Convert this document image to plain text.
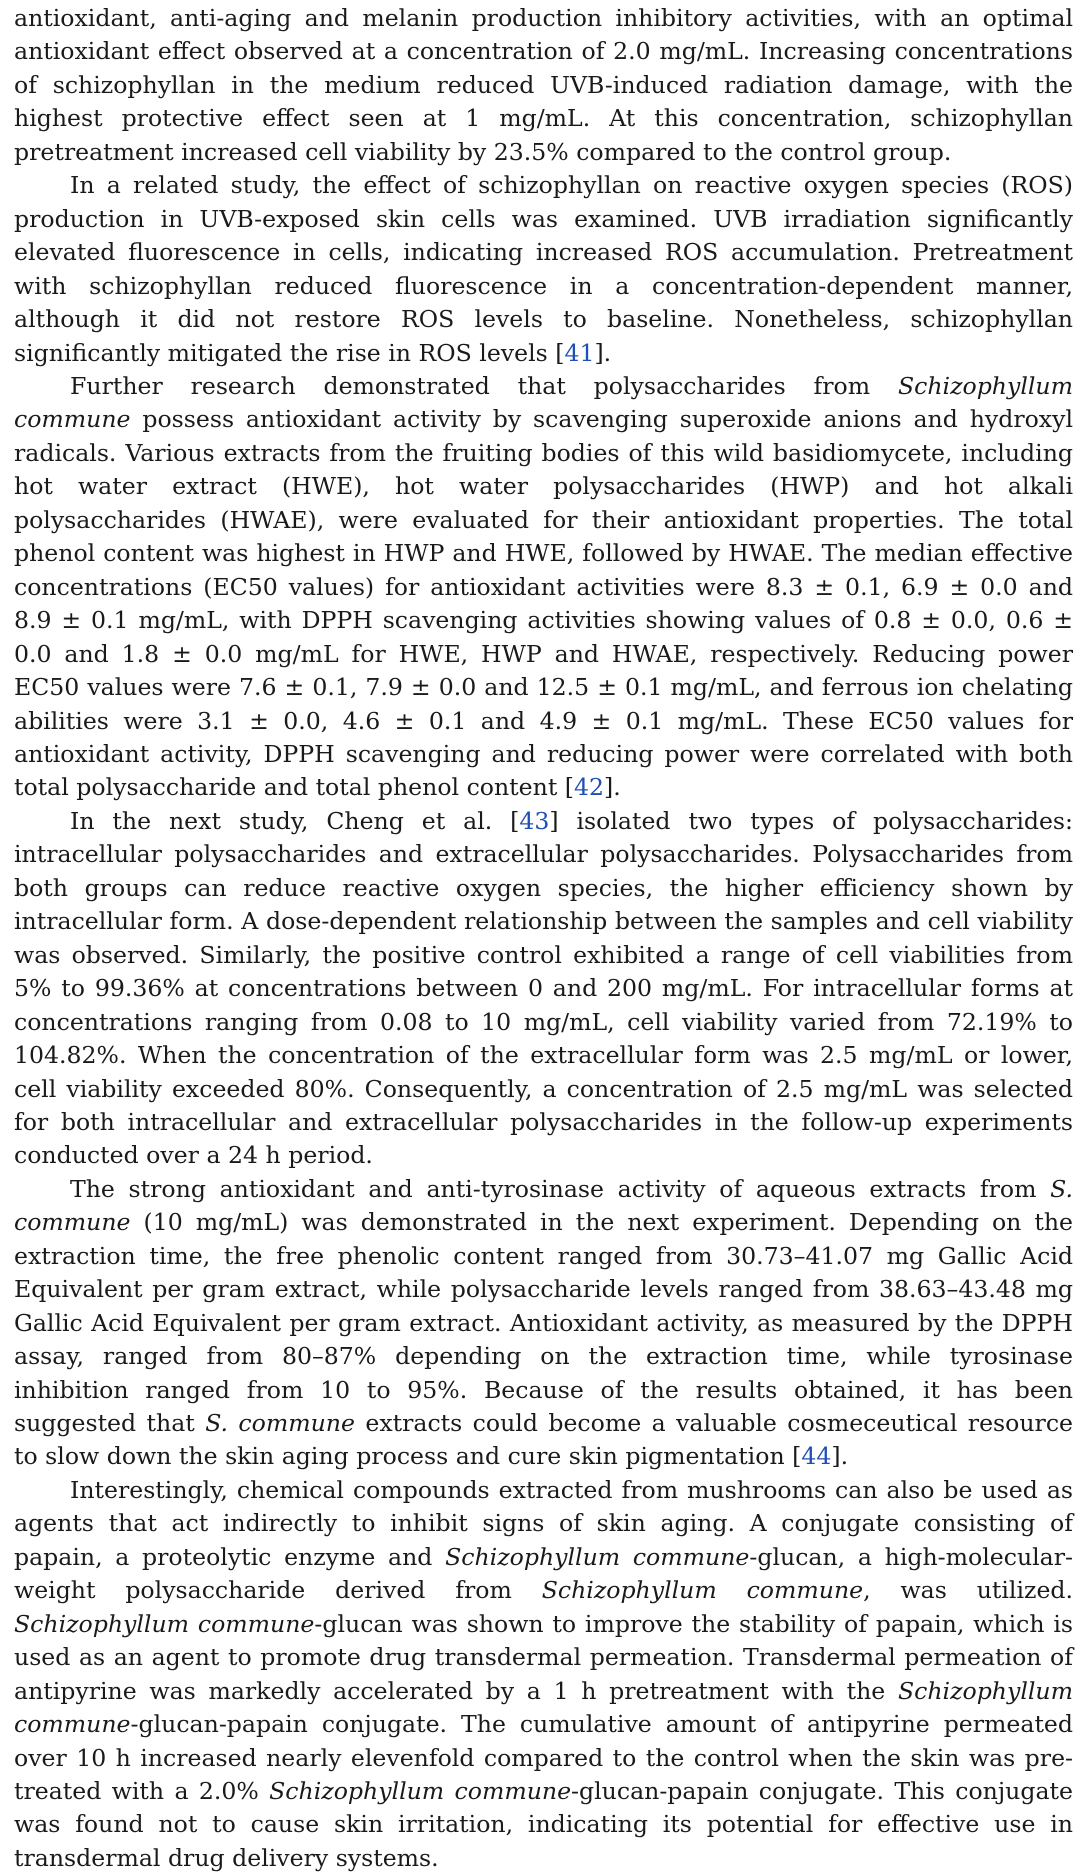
antioxidant, anti-aging and melanin production inhibitory activities, with an optimal antioxidant effect observed at a concentration of 2.0 mg/mL. Increasing concentrations of schizophyllan in the medium reduced UVB-induced radiation damage, with the highest protective effect seen at 1 mg/mL. At this concentration, schizophyllan pretreatment increased cell viability by 23.5% compared to the control group.

In a related study, the effect of schizophyllan on reactive oxygen species (ROS) production in UVB-exposed skin cells was examined. UVB irradiation significantly elevated fluorescence in cells, indicating increased ROS accumulation. Pretreatment with schizophyllan reduced fluorescence in a concentration-dependent manner, although it did not restore ROS levels to baseline. Nonetheless, schizophyllan significantly mitigated the rise in ROS levels [41].

Further research demonstrated that polysaccharides from Schizophyllum commune possess antioxidant activity by scavenging superoxide anions and hydroxyl radicals. Various extracts from the fruiting bodies of this wild basidiomycete, including hot water extract (HWE), hot water polysaccharides (HWP) and hot alkali polysaccharides (HWAE), were evaluated for their antioxidant properties. The total phenol content was highest in HWP and HWE, followed by HWAE. The median effective concentrations (EC50 values) for antioxidant activities were 8.3 ± 0.1, 6.9 ± 0.0 and 8.9 ± 0.1 mg/mL, with DPPH scavenging activities showing values of 0.8 ± 0.0, 0.6 ± 0.0 and 1.8 ± 0.0 mg/mL for HWE, HWP and HWAE, respectively. Reducing power EC50 values were 7.6 ± 0.1, 7.9 ± 0.0 and 12.5 ± 0.1 mg/mL, and ferrous ion chelating abilities were 3.1 ± 0.0, 4.6 ± 0.1 and 4.9 ± 0.1 mg/mL. These EC50 values for antioxidant activity, DPPH scavenging and reducing power were correlated with both total polysaccharide and total phenol content [42].

In the next study, Cheng et al. [43] isolated two types of polysaccharides: intracellular polysaccharides and extracellular polysaccharides. Polysaccharides from both groups can reduce reactive oxygen species, the higher efficiency shown by intracellular form. A dose-dependent relationship between the samples and cell viability was observed. Similarly, the positive control exhibited a range of cell viabilities from 5% to 99.36% at concentrations between 0 and 200 mg/mL. For intracellular forms at concentrations ranging from 0.08 to 10 mg/mL, cell viability varied from 72.19% to 104.82%. When the concentration of the extracellular form was 2.5 mg/mL or lower, cell viability exceeded 80%. Consequently, a concentration of 2.5 mg/mL was selected for both intracellular and extracellular polysaccharides in the follow-up experiments conducted over a 24 h period.

The strong antioxidant and anti-tyrosinase activity of aqueous extracts from S. commune (10 mg/mL) was demonstrated in the next experiment. Depending on the extraction time, the free phenolic content ranged from 30.73–41.07 mg Gallic Acid Equivalent per gram extract, while polysaccharide levels ranged from 38.63–43.48 mg Gallic Acid Equivalent per gram extract. Antioxidant activity, as measured by the DPPH assay, ranged from 80–87% depending on the extraction time, while tyrosinase inhibition ranged from 10 to 95%. Because of the results obtained, it has been suggested that S. commune extracts could become a valuable cosmeceutical resource to slow down the skin aging process and cure skin pigmentation [44].

Interestingly, chemical compounds extracted from mushrooms can also be used as agents that act indirectly to inhibit signs of skin aging. A conjugate consisting of papain, a proteolytic enzyme and Schizophyllum commune-glucan, a high-molecular-weight polysaccharide derived from Schizophyllum commune, was utilized. Schizophyllum commune-glucan was shown to improve the stability of papain, which is used as an agent to promote drug transdermal permeation. Transdermal permeation of antipyrine was markedly accelerated by a 1 h pretreatment with the Schizophyllum commune-glucan-papain conjugate. The cumulative amount of antipyrine permeated over 10 h increased nearly elevenfold compared to the control when the skin was pre-treated with a 2.0% Schizophyllum commune-glucan-papain conjugate. This conjugate was found not to cause skin irritation, indicating its potential for effective use in transdermal drug delivery systems.
